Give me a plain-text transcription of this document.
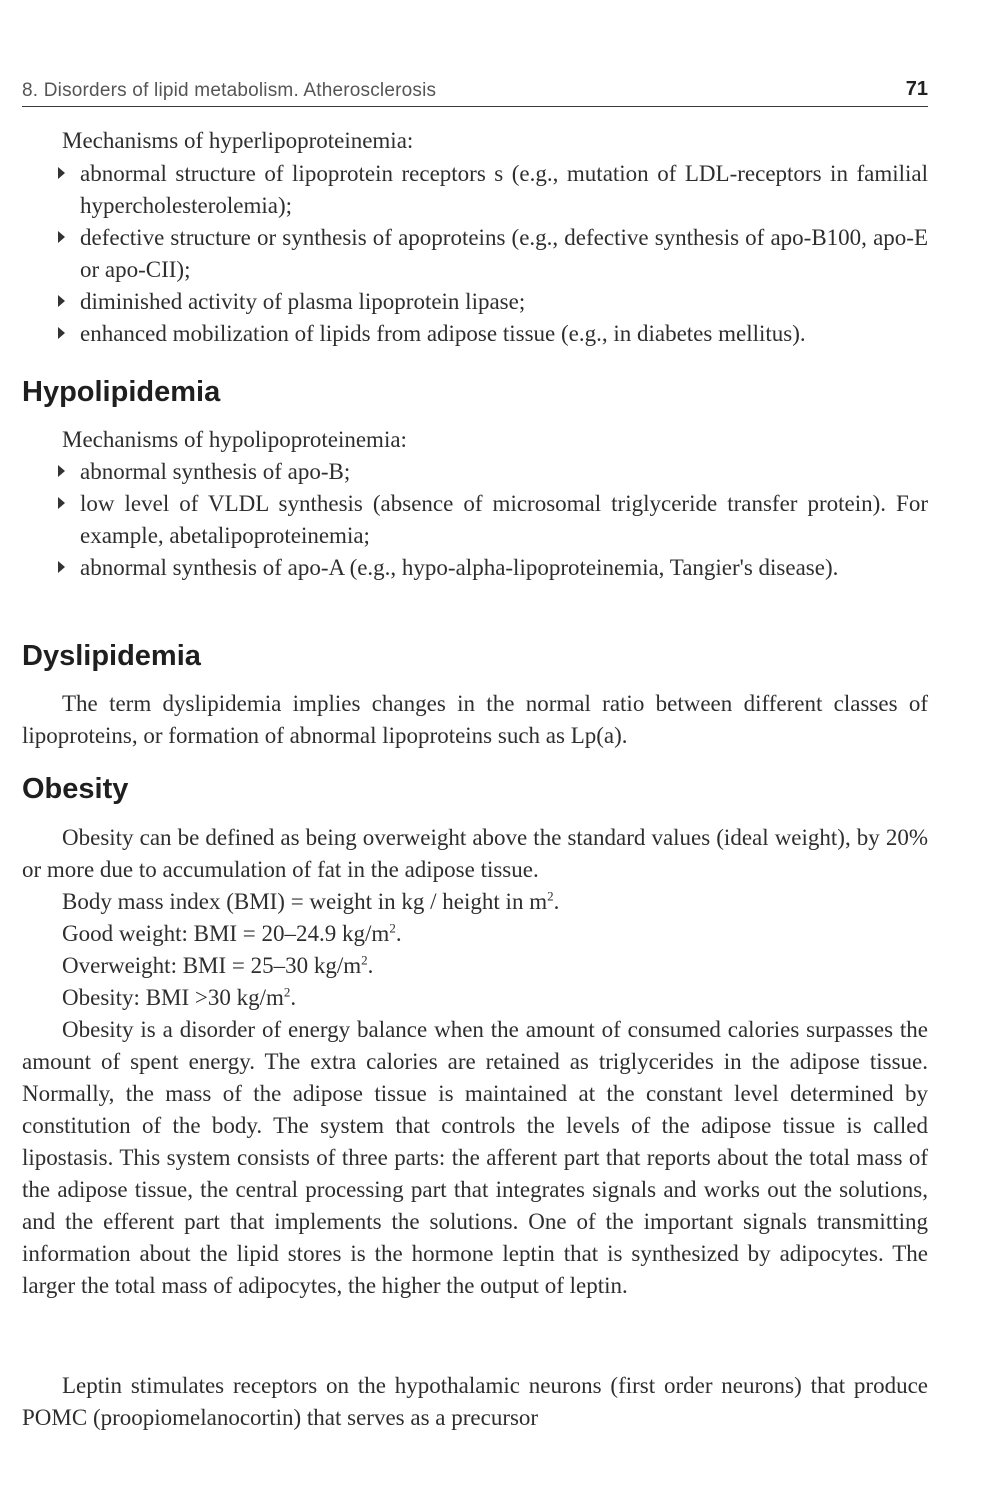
8. Disorders of lipid metabolism. Atherosclerosis	71

Mechanisms of hyperlipoproteinemia:

abnormal structure of lipoprotein receptors s (e.g., mutation of LDL-receptors in familial hypercholesterolemia);
defective structure or synthesis of apoproteins (e.g., defective synthesis of apo-B100, apo-E or apo-CII);
diminished activity of plasma lipoprotein lipase;
enhanced mobilization of lipids from adipose tissue (e.g., in diabetes mellitus).
Hypolipidemia

Mechanisms of hypolipoproteinemia:

abnormal synthesis of apo-B;
low level of VLDL synthesis (absence of microsomal triglyceride transfer protein). For example, abetalipoproteinemia;
abnormal synthesis of apo-A (e.g., hypo-alpha-lipoproteinemia, Tangier's disease).
Dyslipidemia

The term dyslipidemia implies changes in the normal ratio between different classes of lipoproteins, or formation of abnormal lipoproteins such as Lp(a).

Obesity

Obesity can be defined as being overweight above the standard values (ideal weight), by 20% or more due to accumulation of fat in the adipose tissue.

Body mass index (BMI) = weight in kg / height in $m^2$.

Good weight: BMI = 20–24.9 $kg/m^2$.

Overweight: BMI = 25–30 $kg/m^2$.

Obesity: BMI >30 $kg/m^2$.

Obesity is a disorder of energy balance when the amount of consumed calories surpasses the amount of spent energy. The extra calories are retained as triglycerides in the adipose tissue. Normally, the mass of the adipose tissue is maintained at the constant level determined by constitution of the body. The system that controls the levels of the adipose tissue is called lipostasis. This system consists of three parts: the afferent part that reports about the total mass of the adipose tissue, the central processing part that integrates signals and works out the solutions, and the efferent part that implements the solutions. One of the important signals transmitting information about the lipid stores is the hormone leptin that is synthesized by adipocytes. The larger the total mass of adipocytes, the higher the output of leptin.

Leptin stimulates receptors on the hypothalamic neurons (first order neurons) that produce POMC (proopiomelanocortin) that serves as a precursor
